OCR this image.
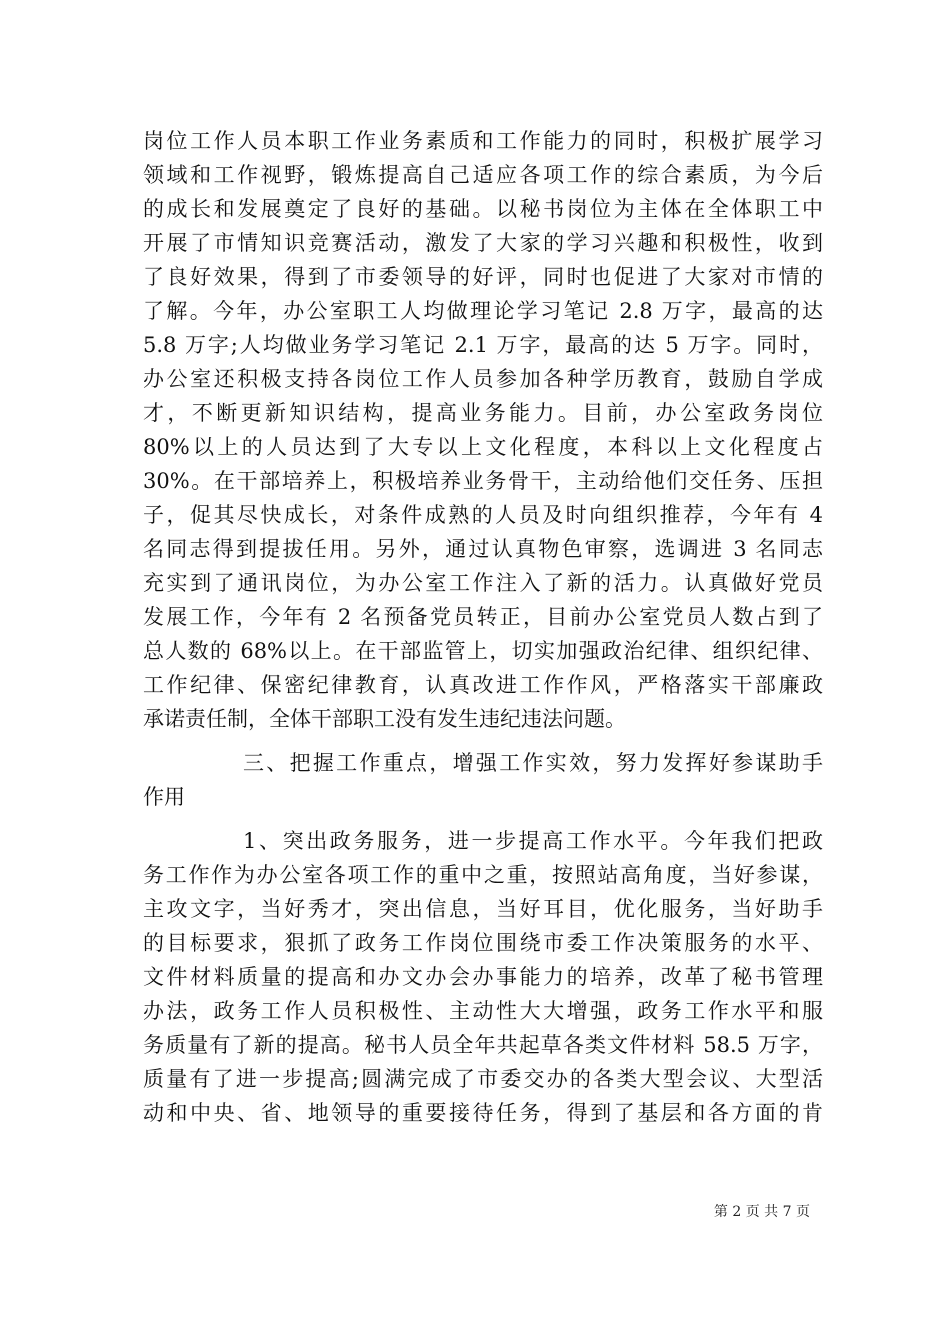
岗位工作人员本职工作业务素质和工作能力的同时，积极扩展学习
领域和工作视野，锻炼提高自己适应各项工作的综合素质，为今后
的成长和发展奠定了良好的基础。以秘书岗位为主体在全体职工中
开展了市情知识竞赛活动，激发了大家的学习兴趣和积极性，收到
了良好效果，得到了市委领导的好评，同时也促进了大家对市情的
了解。今年，办公室职工人均做理论学习笔记 2.8 万字，最高的达
5.8 万字;人均做业务学习笔记 2.1 万字，最高的达 5 万字。同时，
办公室还积极支持各岗位工作人员参加各种学历教育，鼓励自学成
才，不断更新知识结构，提高业务能力。目前，办公室政务岗位
80%以上的人员达到了大专以上文化程度，本科以上文化程度占
30%。在干部培养上，积极培养业务骨干，主动给他们交任务、压担
子，促其尽快成长，对条件成熟的人员及时向组织推荐，今年有 4
名同志得到提拔任用。另外，通过认真物色审察，选调进 3 名同志
充实到了通讯岗位，为办公室工作注入了新的活力。认真做好党员
发展工作，今年有 2 名预备党员转正，目前办公室党员人数占到了
总人数的 68%以上。在干部监管上，切实加强政治纪律、组织纪律、
工作纪律、保密纪律教育，认真改进工作作风，严格落实干部廉政
承诺责任制，全体干部职工没有发生违纪违法问题。
三、把握工作重点，增强工作实效，努力发挥好参谋助手
作用
1、突出政务服务，进一步提高工作水平。今年我们把政
务工作作为办公室各项工作的重中之重，按照站高角度，当好参谋，
主攻文字，当好秀才，突出信息，当好耳目，优化服务，当好助手
的目标要求，狠抓了政务工作岗位围绕市委工作决策服务的水平、
文件材料质量的提高和办文办会办事能力的培养，改革了秘书管理
办法，政务工作人员积极性、主动性大大增强，政务工作水平和服
务质量有了新的提高。秘书人员全年共起草各类文件材料 58.5 万字，
质量有了进一步提高;圆满完成了市委交办的各类大型会议、大型活
动和中央、省、地领导的重要接待任务，得到了基层和各方面的肯
第 2 页 共 7 页
